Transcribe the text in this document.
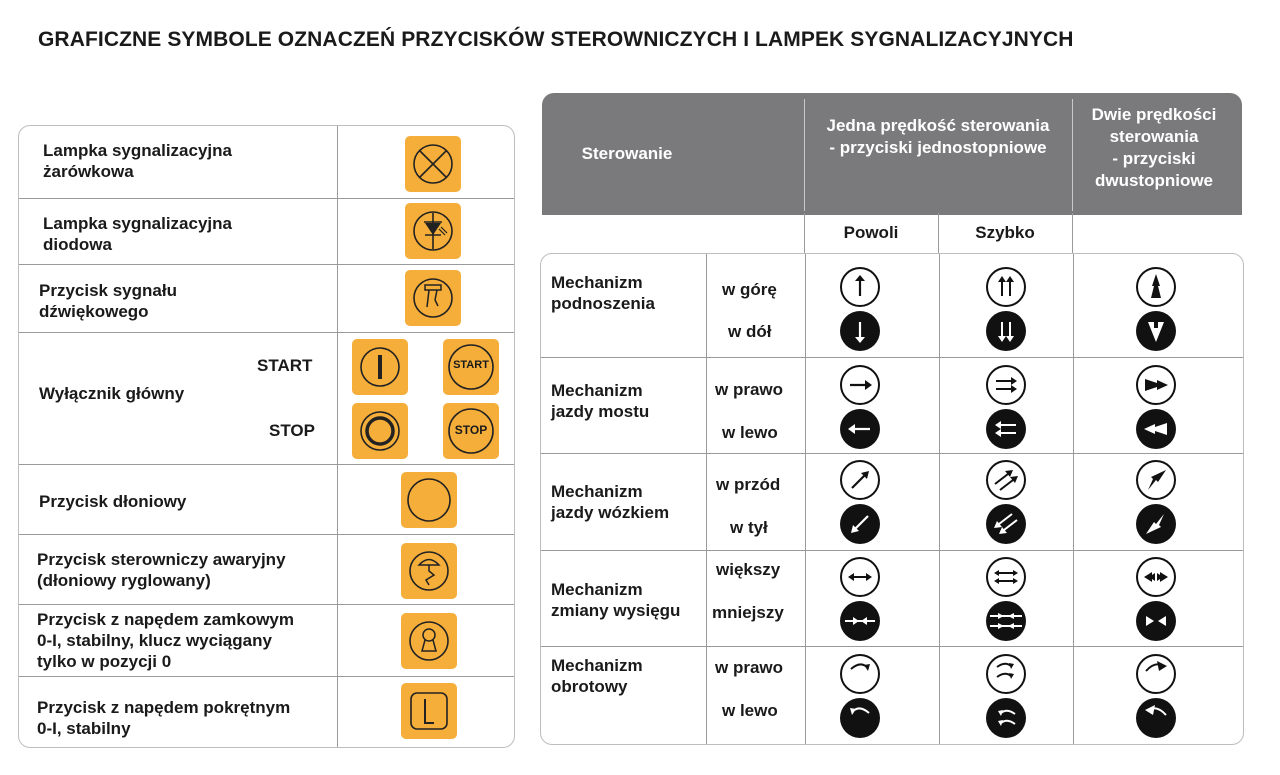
GRAFICZNE SYMBOLE OZNACZEŃ PRZYCISKÓW STEROWNICZYCH I LAMPEK SYGNALIZACYJNYCH
Lampka sygnalizacyjna
żarówkowa
Lampka sygnalizacyjna
diodowa
Przycisk sygnału
dźwiękowego
Wyłącznik główny
START
STOP
START
STOP
Przycisk dłoniowy
Przycisk sterowniczy awaryjny
(dłoniowy ryglowany)
Przycisk z napędem zamkowym
0-I, stabilny, klucz wyciągany
tylko w pozycji 0
Przycisk z napędem pokrętnym
0-I, stabilny
Sterowanie
Jedna prędkość sterowania
- przyciski jednostopniowe
Dwie prędkości
sterowania
- przyciski
dwustopniowe
Powoli	Szybko
Mechanizm
podnoszenia
w górę
w dół
Mechanizm
jazdy mostu
w prawo
w lewo
Mechanizm
jazdy wózkiem
w przód
w tył
Mechanizm
zmiany wysięgu
większy
mniejszy
Mechanizm
obrotowy
w prawo
w lewo
